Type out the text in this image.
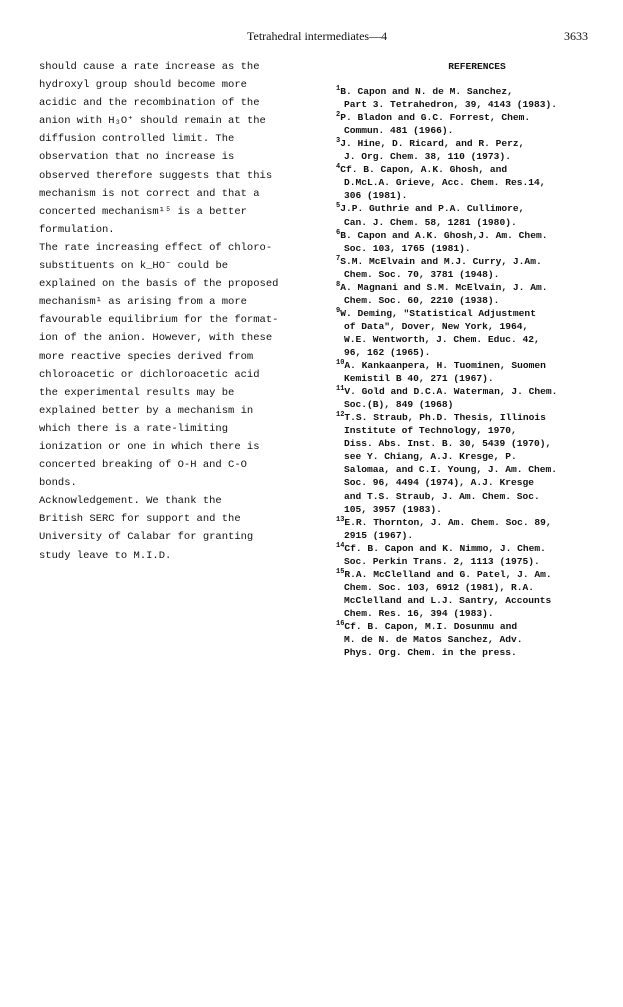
Tetrahedral intermediates—4	3633
should cause a rate increase as the
hydroxyl group should become more
acidic and the recombination of the
anion with H₃O⁺ should remain at the
diffusion controlled limit. The
observation that no increase is
observed therefore suggests that this
mechanism is not correct and that a
concerted mechanism¹⁵ is a better
formulation.
The rate increasing effect of chloro-
substituents on k_HO⁻ could be
explained on the basis of the proposed
mechanism¹ as arising from a more
favourable equilibrium for the format-
ion of the anion. However, with these
more reactive species derived from
chloroacetic or dichloroacetic acid
the experimental results may be
explained better by a mechanism in
which there is a rate-limiting
ionization or one in which there is
concerted breaking of O-H and C-O
bonds.
Acknowledgement. We thank the
British SERC for support and the
University of Calabar for granting
study leave to M.I.D.
REFERENCES
$^1$B. Capon and N. de M. Sanchez,
Part 3. Tetrahedron, 39, 4143 (1983).
$^2$P. Bladon and G.C. Forrest, Chem.
Commun. 481 (1966).
$^3$J. Hine, D. Ricard, and R. Perz,
J. Org. Chem. 38, 110 (1973).
$^4$Cf. B. Capon, A.K. Ghosh, and
D.McL.A. Grieve, Acc. Chem. Res.14,
306 (1981).
$^5$J.P. Guthrie and P.A. Cullimore,
Can. J. Chem. 58, 1281 (1980).
$^6$B. Capon and A.K. Ghosh,J. Am. Chem.
Soc. 103, 1765 (1981).
$^7$S.M. McElvain and M.J. Curry, J.Am.
Chem. Soc. 70, 3781 (1948).
$^8$A. Magnani and S.M. McElvain, J. Am.
Chem. Soc. 60, 2210 (1938).
$^9$W. Deming, "Statistical Adjustment
of Data", Dover, New York, 1964,
W.E. Wentworth, J. Chem. Educ. 42,
96, 162 (1965).
$^{10}$A. Kankaanpera, H. Tuominen, Suomen
Kemistil B 40, 271 (1967).
$^{11}$V. Gold and D.C.A. Waterman, J. Chem.
Soc.(B), 849 (1968)
$^{12}$T.S. Straub, Ph.D. Thesis, Illinois
Institute of Technology, 1970,
Diss. Abs. Inst. B. 30, 5439 (1970),
see Y. Chiang, A.J. Kresge, P.
Salomaa, and C.I. Young, J. Am. Chem.
Soc. 96, 4494 (1974), A.J. Kresge
and T.S. Straub, J. Am. Chem. Soc.
105, 3957 (1983).
$^{13}$E.R. Thornton, J. Am. Chem. Soc. 89,
2915 (1967).
$^{14}$Cf. B. Capon and K. Nimmo, J. Chem.
Soc. Perkin Trans. 2, 1113 (1975).
$^{15}$R.A. McClelland and G. Patel, J. Am.
Chem. Soc. 103, 6912 (1981), R.A.
McClelland and L.J. Santry, Accounts
Chem. Res. 16, 394 (1983).
$^{16}$Cf. B. Capon, M.I. Dosunmu and
M. de N. de Matos Sanchez, Adv.
Phys. Org. Chem. in the press.
